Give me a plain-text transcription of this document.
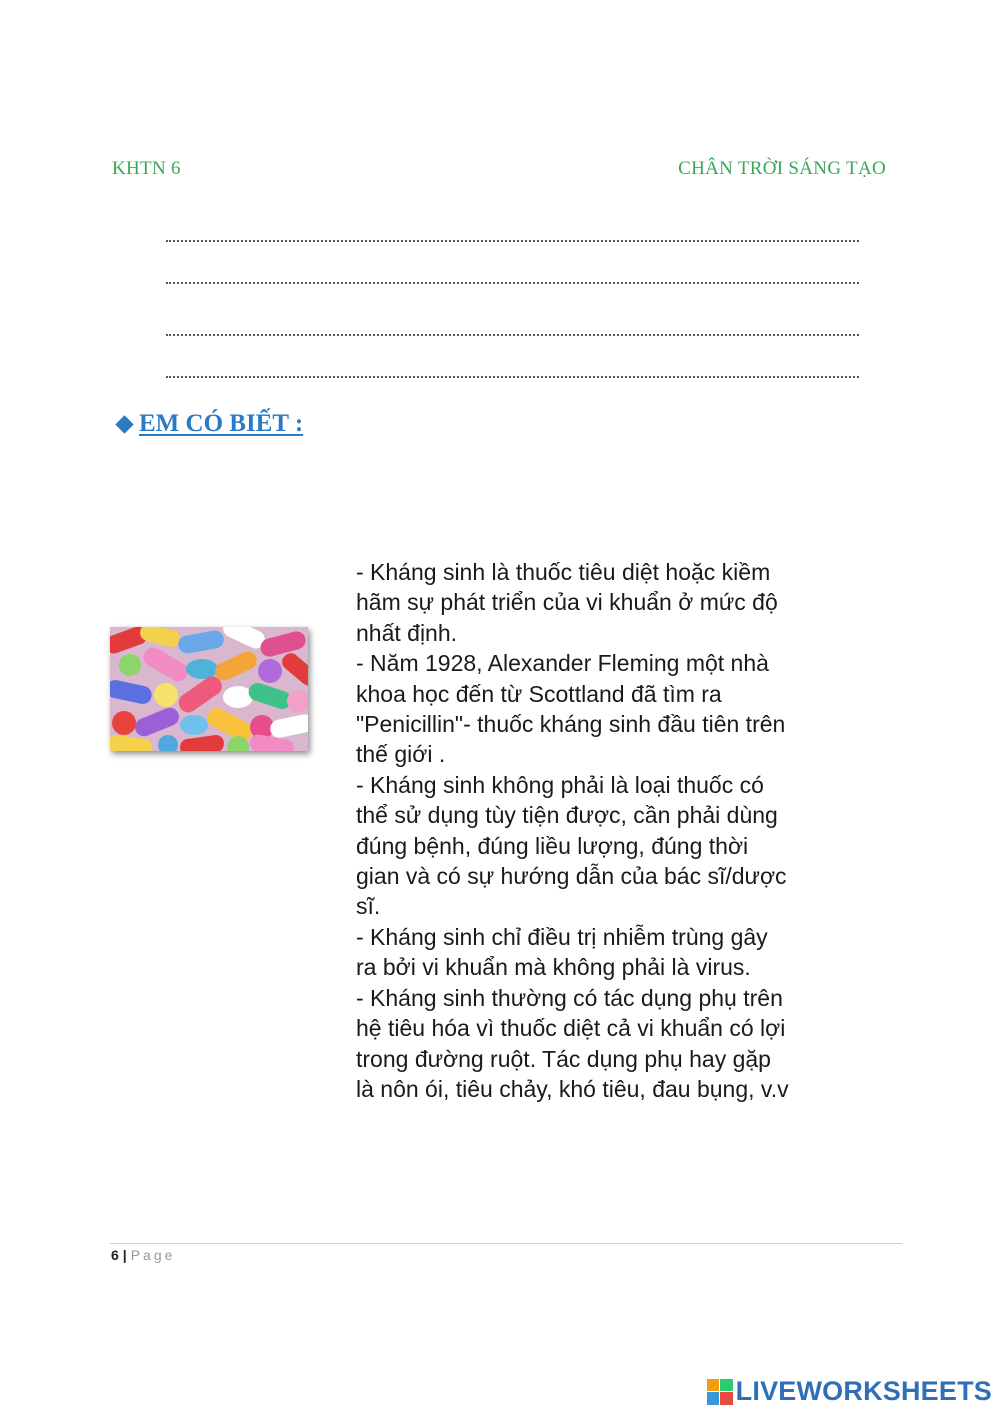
KHTN 6	CHÂN TRỜI SÁNG TẠO
EM CÓ BIẾT :

- Kháng sinh là thuốc tiêu diệt hoặc kiềm

hãm sự phát triển của vi khuẩn ở mức độ

nhất định.

- Năm 1928, Alexander Fleming một nhà

khoa học đến từ Scottland đã tìm ra

"Penicillin"- thuốc kháng sinh đầu tiên trên

thế giới .

- Kháng sinh không phải là loại thuốc có

thể sử dụng tùy tiện được, cần phải dùng

đúng bệnh, đúng liều lượng, đúng thời

gian và có sự hướng dẫn của bác sĩ/dược

sĩ.

- Kháng sinh chỉ điều trị nhiễm trùng gây

ra bởi vi khuẩn mà không phải là virus.

- Kháng sinh thường có tác dụng phụ trên

hệ tiêu hóa vì thuốc diệt cả vi khuẩn có lợi

trong đường ruột. Tác dụng phụ hay gặp

là nôn ói, tiêu chảy, khó tiêu, đau bụng, v.v

6 | Page
LIVEWORKSHEETS
